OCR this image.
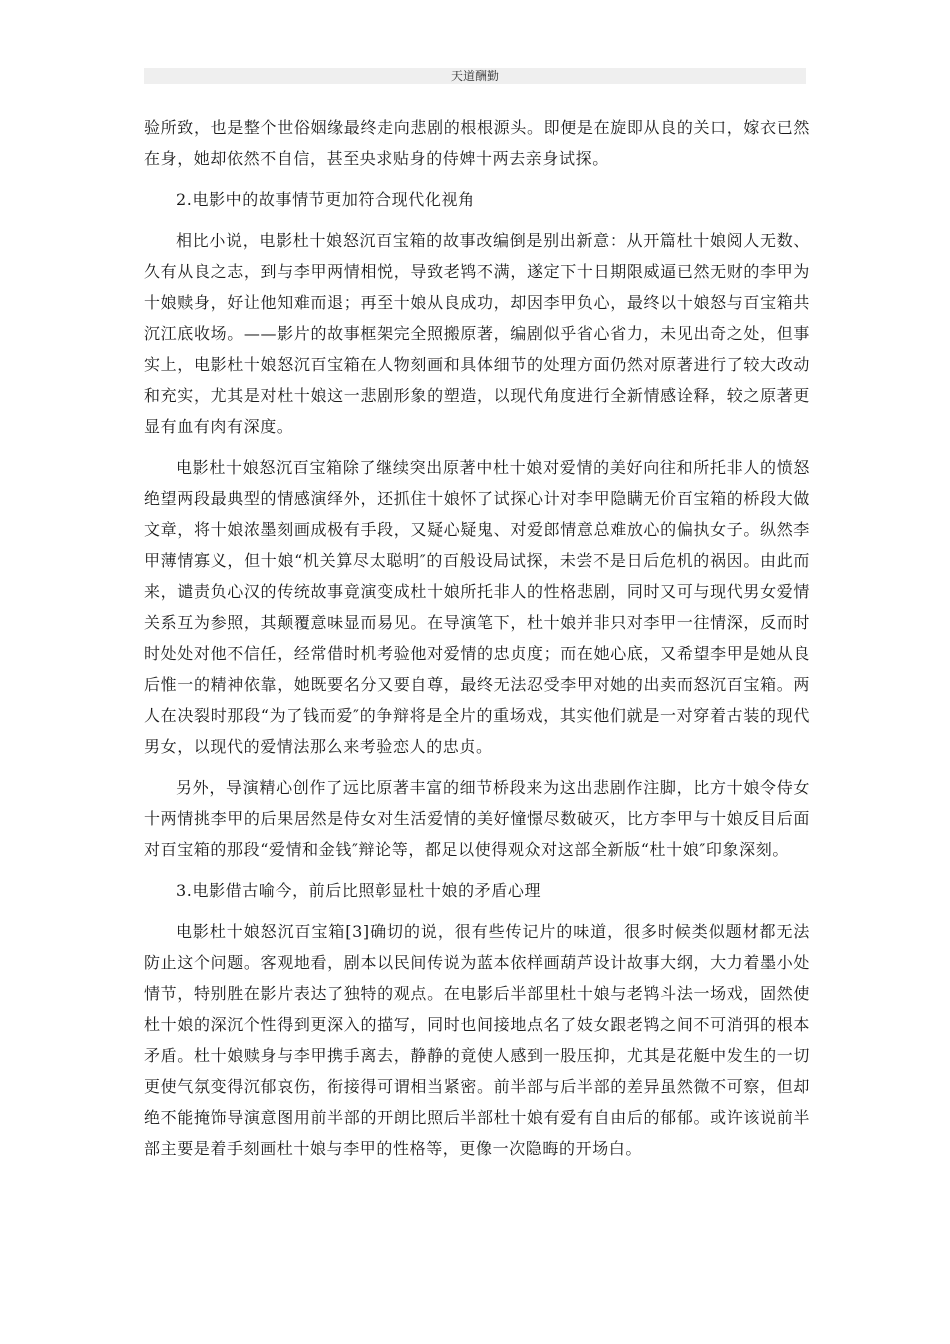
天道酬勤

验所致，也是整个世俗姻缘最终走向悲剧的根根源头。即便是在旋即从良的关口，嫁衣已然在身，她却依然不自信，甚至央求贴身的侍婢十两去亲身试探。

2.电影中的故事情节更加符合现代化视角

相比小说，电影杜十娘怒沉百宝箱的故事改编倒是别出新意：从开篇杜十娘阅人无数、久有从良之志，到与李甲两情相悦，导致老鸨不满，遂定下十日期限威逼已然无财的李甲为十娘赎身，好让他知难而退；再至十娘从良成功，却因李甲负心，最终以十娘怒与百宝箱共沉江底收场。——影片的故事框架完全照搬原著，编剧似乎省心省力，未见出奇之处，但事实上，电影杜十娘怒沉百宝箱在人物刻画和具体细节的处理方面仍然对原著进行了较大改动和充实，尤其是对杜十娘这一悲剧形象的塑造，以现代角度进行全新情感诠释，较之原著更显有血有肉有深度。

电影杜十娘怒沉百宝箱除了继续突出原著中杜十娘对爱情的美好向往和所托非人的愤怒绝望两段最典型的情感演绎外，还抓住十娘怀了试探心计对李甲隐瞒无价百宝箱的桥段大做文章，将十娘浓墨刻画成极有手段，又疑心疑鬼、对爱郎情意总难放心的偏执女子。纵然李甲薄情寡义，但十娘“机关算尽太聪明″的百般设局试探，未尝不是日后危机的祸因。由此而来，谴责负心汉的传统故事竟演变成杜十娘所托非人的性格悲剧，同时又可与现代男女爱情关系互为参照，其颠覆意味显而易见。在导演笔下，杜十娘并非只对李甲一往情深，反而时时处处对他不信任，经常借时机考验他对爱情的忠贞度；而在她心底，又希望李甲是她从良后惟一的精神依靠，她既要名分又要自尊，最终无法忍受李甲对她的出卖而怒沉百宝箱。两人在决裂时那段“为了钱而爱″的争辩将是全片的重场戏，其实他们就是一对穿着古装的现代男女，以现代的爱情法那么来考验恋人的忠贞。

另外，导演精心创作了远比原著丰富的细节桥段来为这出悲剧作注脚，比方十娘令侍女十两情挑李甲的后果居然是侍女对生活爱情的美好憧憬尽数破灭，比方李甲与十娘反目后面对百宝箱的那段“爱情和金钱″辩论等，都足以使得观众对这部全新版“杜十娘″印象深刻。

3.电影借古喻今，前后比照彰显杜十娘的矛盾心理

电影杜十娘怒沉百宝箱[3]确切的说，很有些传记片的味道，很多时候类似题材都无法防止这个问题。客观地看，剧本以民间传说为蓝本依样画葫芦设计故事大纲，大力着墨小处情节，特别胜在影片表达了独特的观点。在电影后半部里杜十娘与老鸨斗法一场戏，固然使杜十娘的深沉个性得到更深入的描写，同时也间接地点名了妓女跟老鸨之间不可消弭的根本矛盾。杜十娘赎身与李甲携手离去，静静的竟使人感到一股压抑，尤其是花艇中发生的一切更使气氛变得沉郁哀伤，衔接得可谓相当紧密。前半部与后半部的差异虽然微不可察，但却绝不能掩饰导演意图用前半部的开朗比照后半部杜十娘有爱有自由后的郁郁。或许该说前半部主要是着手刻画杜十娘与李甲的性格等，更像一次隐晦的开场白。
